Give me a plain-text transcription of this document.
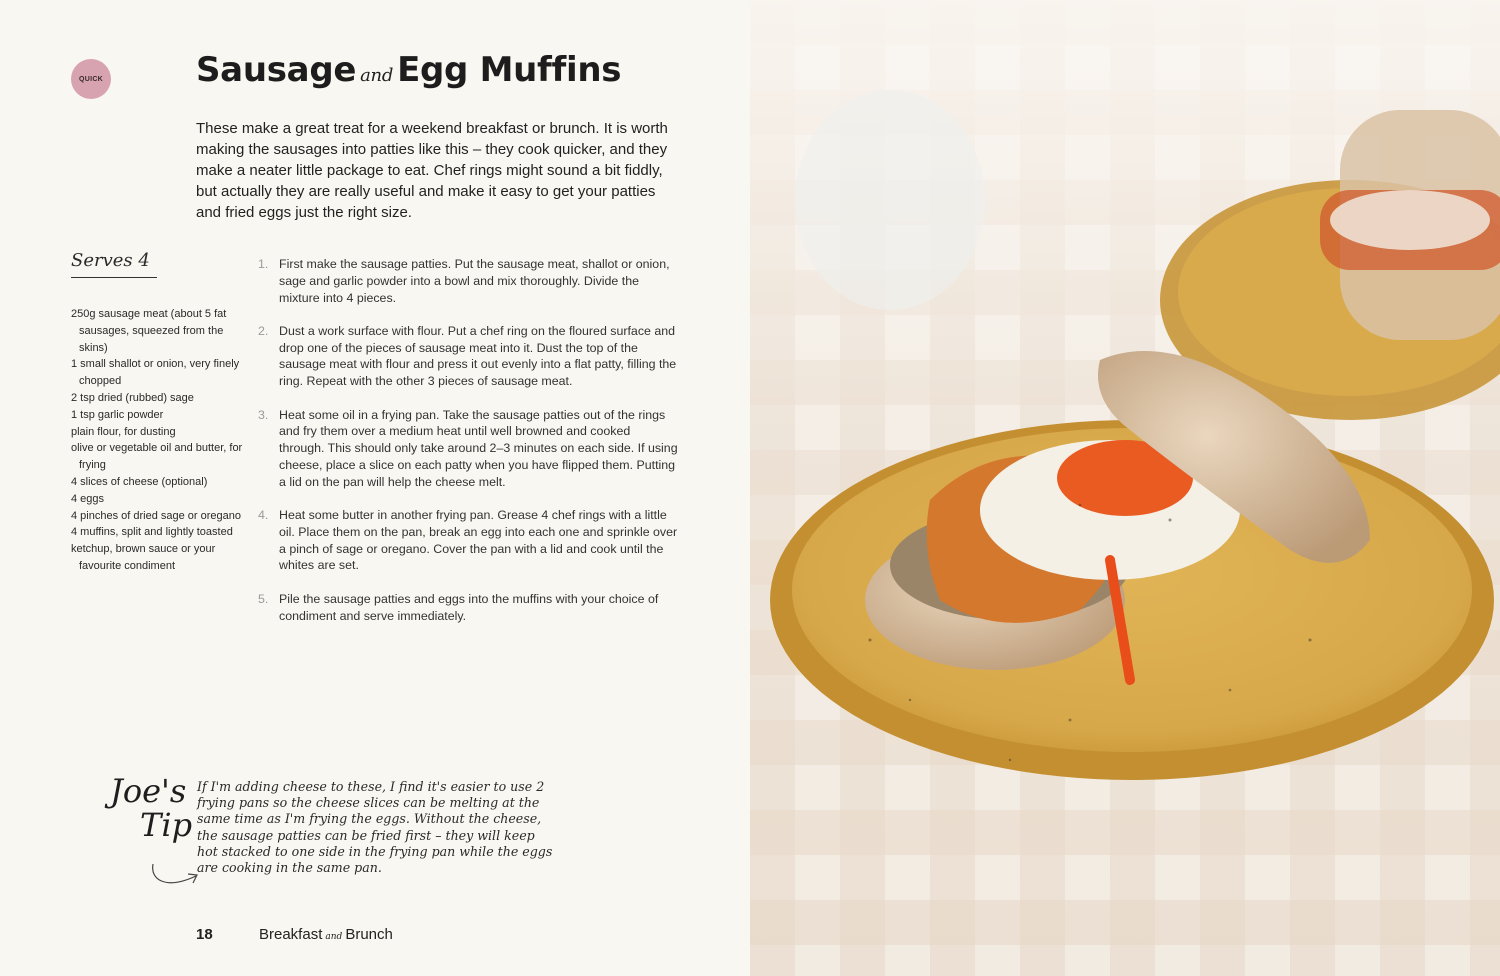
QUICK	Sausage and Egg Muffins

These make a great treat for a weekend breakfast or brunch. It is worth making the sausages into patties like this – they cook quicker, and they make a neater little package to eat. Chef rings might sound a bit fiddly, but actually they are really useful and make it easy to get your patties and fried eggs just the right size.

Serves 4
250g sausage meat (about 5 fat sausages, squeezed from the skins)
1 small shallot or onion, very finely chopped
2 tsp dried (rubbed) sage
1 tsp garlic powder
plain flour, for dusting
olive or vegetable oil and butter, for frying
4 slices of cheese (optional)
4 eggs
4 pinches of dried sage or oregano
4 muffins, split and lightly toasted
ketchup, brown sauce or your favourite condiment
1. First make the sausage patties. Put the sausage meat, shallot or onion, sage and garlic powder into a bowl and mix thoroughly. Divide the mixture into 4 pieces.
2. Dust a work surface with flour. Put a chef ring on the floured surface and drop one of the pieces of sausage meat into it. Dust the top of the sausage meat with flour and press it out evenly into a flat patty, filling the ring. Repeat with the other 3 pieces of sausage meat.
3. Heat some oil in a frying pan. Take the sausage patties out of the rings and fry them over a medium heat until well browned and cooked through. This should only take around 2–3 minutes on each side. If using cheese, place a slice on each patty when you have flipped them. Putting a lid on the pan will help the cheese melt.
4. Heat some butter in another frying pan. Grease 4 chef rings with a little oil. Place them on the pan, break an egg into each one and sprinkle over a pinch of sage or oregano. Cover the pan with a lid and cook until the whites are set.
5. Pile the sausage patties and eggs into the muffins with your choice of condiment and serve immediately.
Joe's
Tip

If I'm adding cheese to these, I find it's easier to use 2 frying pans so the cheese slices can be melting at the same time as I'm frying the eggs. Without the cheese, the sausage patties can be fried first – they will keep hot stacked to one side in the frying pan while the eggs are cooking in the same pan.

18	Breakfast and Brunch
